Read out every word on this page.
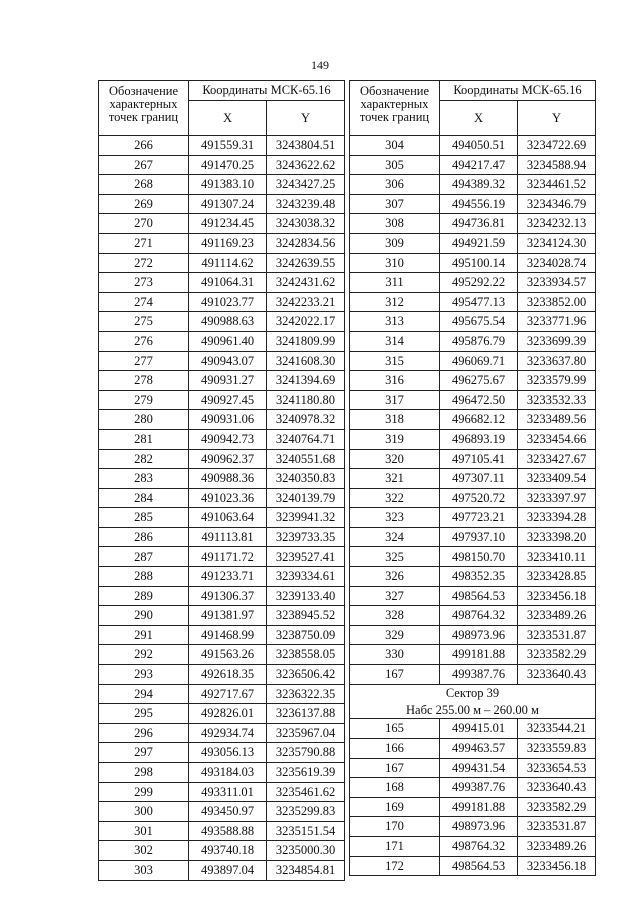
149
Обозначение
характерных
точек границ	Координаты МСК-65.16	
	X	Y
266	491559.31	3243804.51
267	491470.25	3243622.62
268	491383.10	3243427.25
269	491307.24	3243239.48
270	491234.45	3243038.32
271	491169.23	3242834.56
272	491114.62	3242639.55
273	491064.31	3242431.62
274	491023.77	3242233.21
275	490988.63	3242022.17
276	490961.40	3241809.99
277	490943.07	3241608.30
278	490931.27	3241394.69
279	490927.45	3241180.80
280	490931.06	3240978.32
281	490942.73	3240764.71
282	490962.37	3240551.68
283	490988.36	3240350.83
284	491023.36	3240139.79
285	491063.64	3239941.32
286	491113.81	3239733.35
287	491171.72	3239527.41
288	491233.71	3239334.61
289	491306.37	3239133.40
290	491381.97	3238945.52
291	491468.99	3238750.09
292	491563.26	3238558.05
293	492618.35	3236506.42
294	492717.67	3236322.35
295	492826.01	3236137.88
296	492934.74	3235967.04
297	493056.13	3235790.88
298	493184.03	3235619.39
299	493311.01	3235461.62
300	493450.97	3235299.83
301	493588.88	3235151.54
302	493740.18	3235000.30
303	493897.04	3234854.81
Обозначение
характерных
точек границ	Координаты МСК-65.16	
	X	Y
304	494050.51	3234722.69
305	494217.47	3234588.94
306	494389.32	3234461.52
307	494556.19	3234346.79
308	494736.81	3234232.13
309	494921.59	3234124.30
310	495100.14	3234028.74
311	495292.22	3233934.57
312	495477.13	3233852.00
313	495675.54	3233771.96
314	495876.79	3233699.39
315	496069.71	3233637.80
316	496275.67	3233579.99
317	496472.50	3233532.33
318	496682.12	3233489.56
319	496893.19	3233454.66
320	497105.41	3233427.67
321	497307.11	3233409.54
322	497520.72	3233397.97
323	497723.21	3233394.28
324	497937.10	3233398.20
325	498150.70	3233410.11
326	498352.35	3233428.85
327	498564.53	3233456.18
328	498764.32	3233489.26
329	498973.96	3233531.87
330	499181.88	3233582.29
167	499387.76	3233640.43

Сектор 39
Набс 255.00 м – 260.00 м		

165	499415.01	3233544.21
166	499463.57	3233559.83
167	499431.54	3233654.53
168	499387.76	3233640.43
169	499181.88	3233582.29
170	498973.96	3233531.87
171	498764.32	3233489.26
172	498564.53	3233456.18
